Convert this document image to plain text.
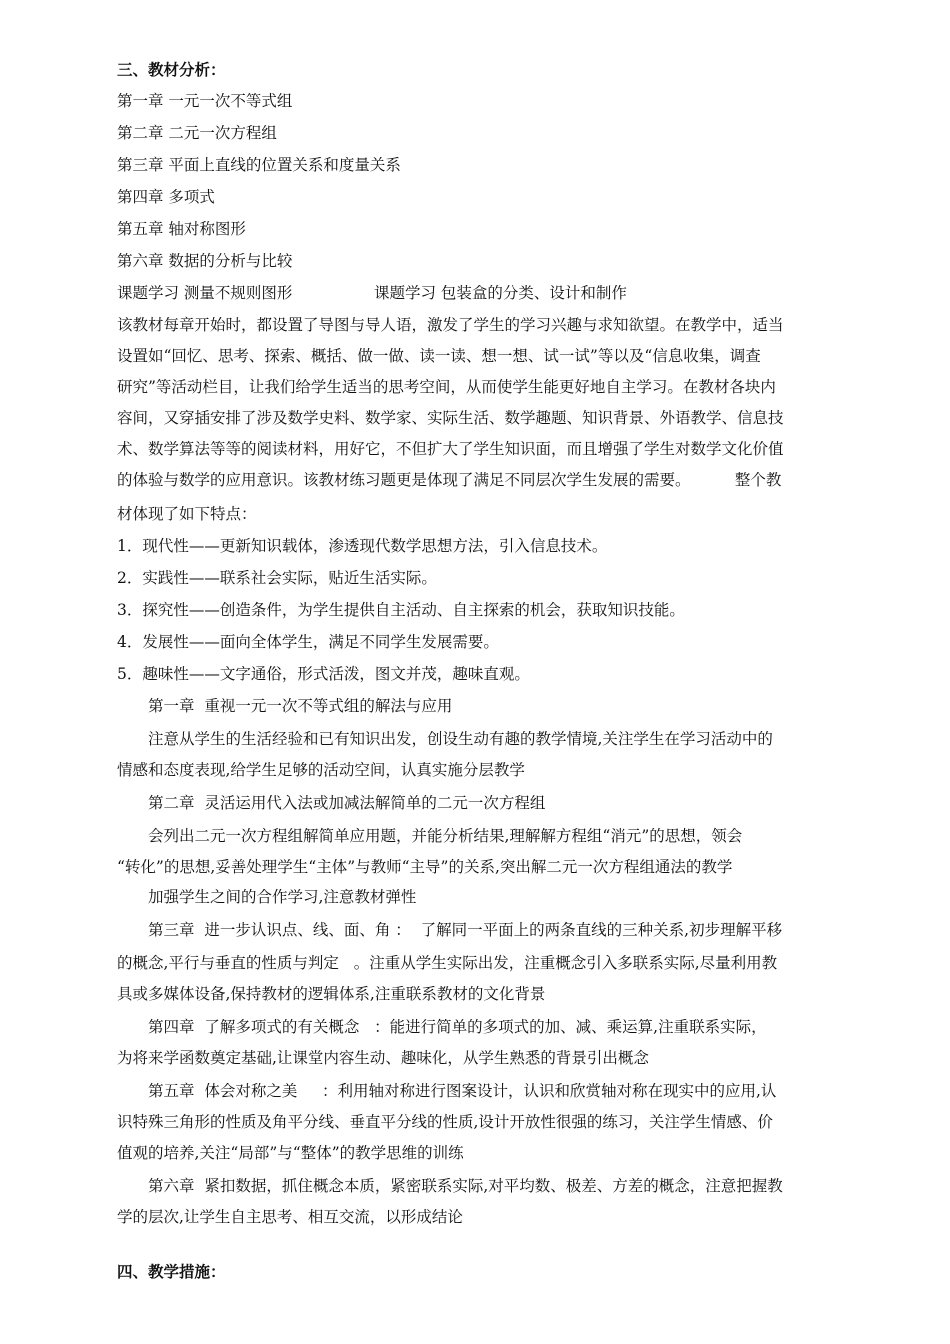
三、教材分析：
第一章 一元一次不等式组
第二章 二元一次方程组
第三章 平面上直线的位置关系和度量关系
第四章 多项式
第五章 轴对称图形
第六章 数据的分析与比较
课题学习 测量不规则图形	课题学习 包装盒的分类、设计和制作
该教材每章开始时，都设置了导图与导人语，激发了学生的学习兴趣与求知欲望。在教学中，适当
设置如“回忆、思考、探索、概括、做一做、读一读、想一想、试一试”等以及“信息收集，调查
研究”等活动栏目，让我们给学生适当的思考空间，从而使学生能更好地自主学习。在教材各块内
容间，又穿插安排了涉及数学史料、数学家、实际生活、数学趣题、知识背景、外语教学、信息技
术、数学算法等等的阅读材料，用好它，不但扩大了学生知识面，而且增强了学生对数学文化价值
的体验与数学的应用意识。该教材练习题更是体现了满足不同层次学生发展的需要。         整个教
材体现了如下特点：
1．现代性——更新知识载体，渗透现代数学思想方法，引入信息技术。
2．实践性——联系社会实际，贴近生活实际。
3．探究性——创造条件，为学生提供自主活动、自主探索的机会，获取知识技能。
4．发展性——面向全体学生，满足不同学生发展需要。
5．趣味性——文字通俗，形式活泼，图文并茂，趣味直观。
第一章  重视一元一次不等式组的解法与应用
注意从学生的生活经验和已有知识出发，创设生动有趣的教学情境,关注学生在学习活动中的
情感和态度表现,给学生足够的活动空间，认真实施分层教学
第二章  灵活运用代入法或加减法解简单的二元一次方程组
会列出二元一次方程组解简单应用题，并能分析结果,理解解方程组“消元”的思想，领会
“转化”的思想,妥善处理学生“主体”与教师“主导”的关系,突出解二元一次方程组通法的教学
加强学生之间的合作学习,注意教材弹性
第三章  进一步认识点、线、面、角 ：  了解同一平面上的两条直线的三种关系,初步理解平移
的概念,平行与垂直的性质与判定   。注重从学生实际出发，注重概念引入多联系实际,尽量利用教
具或多媒体设备,保持教材的逻辑体系,注重联系教材的文化背景
第四章  了解多项式的有关概念   ：能进行简单的多项式的加、减、乘运算,注重联系实际，
为将来学函数奠定基础,让课堂内容生动、趣味化，从学生熟悉的背景引出概念
第五章  体会对称之美     ：利用轴对称进行图案设计，认识和欣赏轴对称在现实中的应用,认
识特殊三角形的性质及角平分线、垂直平分线的性质,设计开放性很强的练习，关注学生情感、价
值观的培养,关注“局部”与“整体”的教学思维的训练
第六章  紧扣数据，抓住概念本质，紧密联系实际,对平均数、极差、方差的概念，注意把握教
学的层次,让学生自主思考、相互交流，以形成结论
四、教学措施：
